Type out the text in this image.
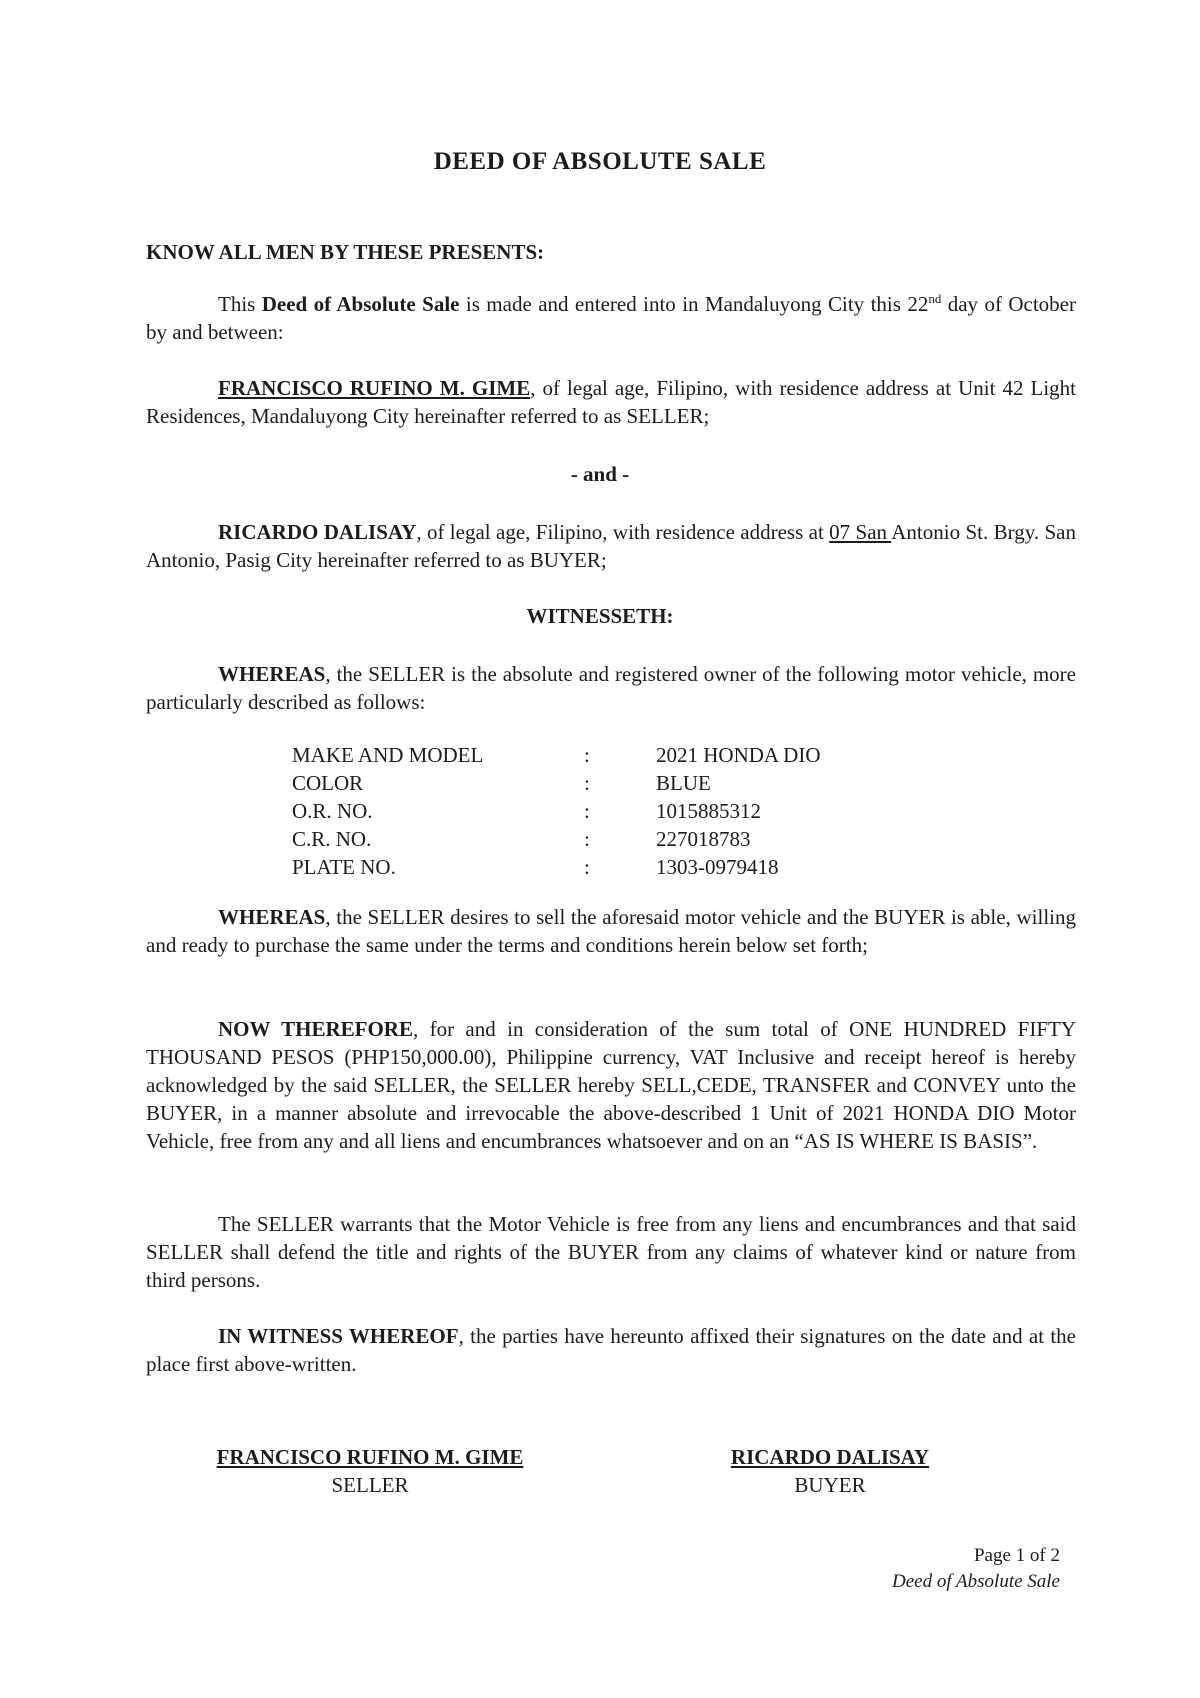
DEED OF ABSOLUTE SALE
KNOW ALL MEN BY THESE PRESENTS:
This Deed of Absolute Sale is made and entered into in Mandaluyong City this 22nd day of October by and between:
FRANCISCO RUFINO M. GIME, of legal age, Filipino, with residence address at Unit 42 Light Residences, Mandaluyong City hereinafter referred to as SELLER;
- and -
RICARDO DALISAY, of legal age, Filipino, with residence address at 07 San Antonio St. Brgy. San Antonio, Pasig City hereinafter referred to as BUYER;
WITNESSETH:
WHEREAS, the SELLER is the absolute and registered owner of the following motor vehicle, more particularly described as follows:
MAKE AND MODEL	:	2021 HONDA DIO
COLOR	:	BLUE
O.R. NO.	:	1015885312
C.R. NO.	:	227018783
PLATE NO.	:	1303-0979418
WHEREAS, the SELLER desires to sell the aforesaid motor vehicle and the BUYER is able, willing and ready to purchase the same under the terms and conditions herein below set forth;
NOW THEREFORE, for and in consideration of the sum total of ONE HUNDRED FIFTY THOUSAND PESOS (PHP150,000.00), Philippine currency, VAT Inclusive and receipt hereof is hereby acknowledged by the said SELLER, the SELLER hereby SELL,CEDE, TRANSFER and CONVEY unto the BUYER, in a manner absolute and irrevocable the above-described 1 Unit of 2021 HONDA DIO Motor Vehicle, free from any and all liens and encumbrances whatsoever and on an “AS IS WHERE IS BASIS”.
The SELLER warrants that the Motor Vehicle is free from any liens and encumbrances and that said SELLER shall defend the title and rights of the BUYER from any claims of whatever kind or nature from third persons.
IN WITNESS WHEREOF, the parties have hereunto affixed their signatures on the date and at the place first above-written.
FRANCISCO RUFINO M. GIME
SELLER
RICARDO DALISAY
BUYER
Page 1 of 2
Deed of Absolute Sale
